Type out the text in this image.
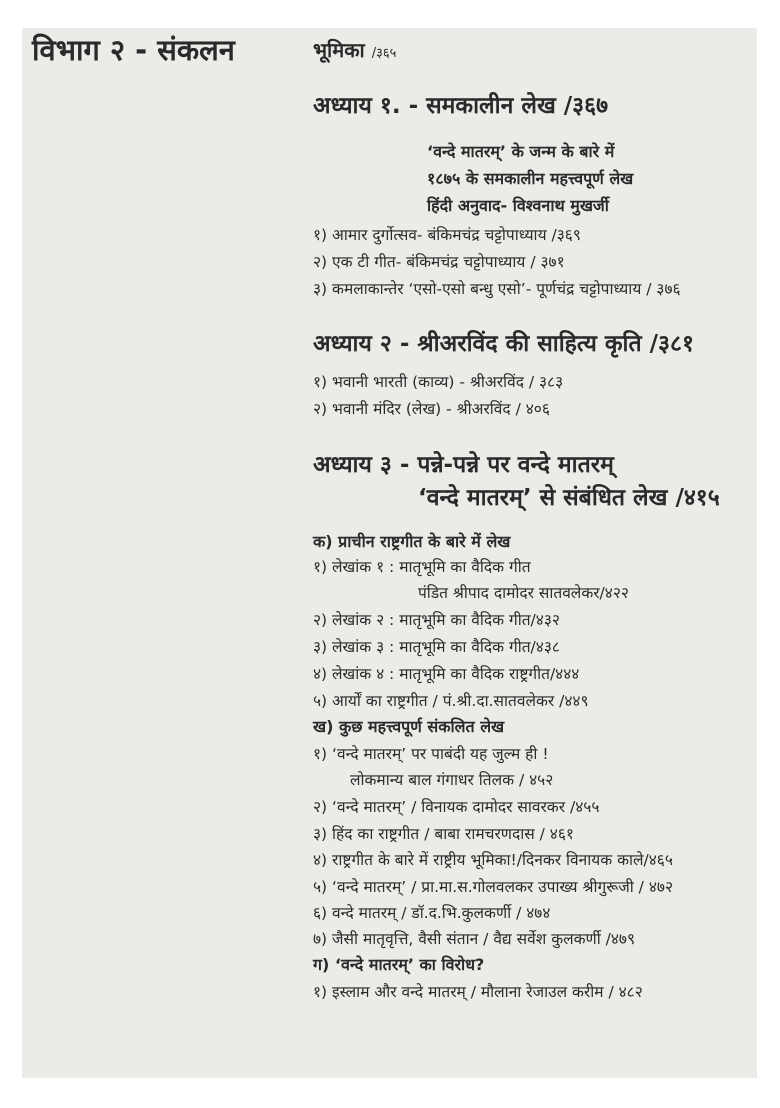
विभाग २ - संकलन	भूमिका /३६५
अध्याय १. - समकालीन लेख /३६७
‘वन्दे मातरम्’ के जन्म के बारे में
१८७५ के समकालीन महत्त्वपूर्ण लेख
हिंदी अनुवाद- विश्वनाथ मुखर्जी
१) आमार दुर्गोत्सव- बंकिमचंद्र चट्टोपाध्याय /३६९
२) एक टी गीत- बंकिमचंद्र चट्टोपाध्याय / ३७१
३) कमलाकान्तेर ‘एसो-एसो बन्धु एसो’- पूर्णचंद्र चट्टोपाध्याय / ३७६
अध्याय २ - श्रीअरविंद की साहित्य कृति /३८१
१) भवानी भारती (काव्य) - श्रीअरविंद / ३८३
२) भवानी मंदिर (लेख) - श्रीअरविंद / ४०६
अध्याय ३ - पन्ने-पन्ने पर वन्दे मातरम्
‘वन्दे मातरम्’ से संबंधित लेख /४१५
क) प्राचीन राष्ट्रगीत के बारे में लेख
१) लेखांक १ : मातृभूमि का वैदिक गीत
पंडित श्रीपाद दामोदर सातवलेकर/४२२
२) लेखांक २ : मातृभूमि का वैदिक गीत/४३२
३) लेखांक ३ : मातृभूमि का वैदिक गीत/४३८
४) लेखांक ४ : मातृभूमि का वैदिक राष्ट्रगीत/४४४
५) आर्यों का राष्ट्रगीत / पं.श्री.दा.सातवलेकर /४४९
ख) कुछ महत्त्वपूर्ण संकलित लेख
१) ‘वन्दे मातरम्’ पर पाबंदी यह जुल्म ही !
लोकमान्य बाल गंगाधर तिलक / ४५२
२) ‘वन्दे मातरम्’ / विनायक दामोदर सावरकर /४५५
३) हिंद का राष्ट्रगीत / बाबा रामचरणदास / ४६१
४) राष्ट्रगीत के बारे में राष्ट्रीय भूमिका!/दिनकर विनायक काले/४६५
५) ‘वन्दे मातरम्’ / प्रा.मा.स.गोलवलकर उपाख्य श्रीगुरूजी / ४७२
६) वन्दे मातरम् / डॉ.द.भि.कुलकर्णी / ४७४
७) जैसी मातृवृत्ति, वैसी संतान / वैद्य सर्वेश कुलकर्णी /४७९
ग) ‘वन्दे मातरम्’ का विरोध?
१) इस्लाम और वन्दे मातरम् / मौलाना रेजाउल करीम / ४८२
